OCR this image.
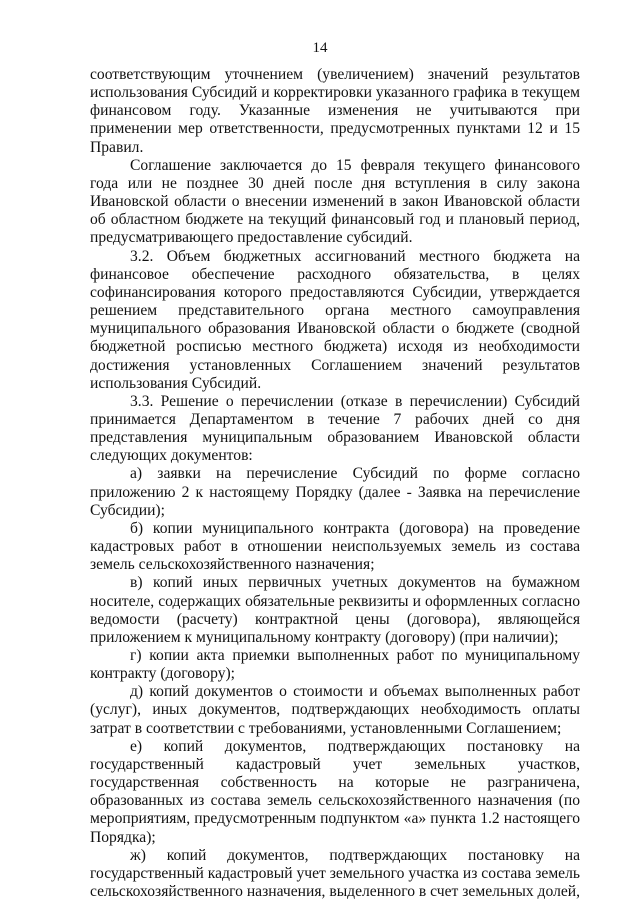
14

соответствующим уточнением (увеличением) значений результатов использования Субсидий и корректировки указанного графика в текущем финансовом году. Указанные изменения не учитываются при применении мер ответственности, предусмотренных пунктами 12 и 15 Правил.

Соглашение заключается до 15 февраля текущего финансового года или не позднее 30 дней после дня вступления в силу закона Ивановской области о внесении изменений в закон Ивановской области об областном бюджете на текущий финансовый год и плановый период, предусматривающего предоставление субсидий.

3.2. Объем бюджетных ассигнований местного бюджета на финансовое обеспечение расходного обязательства, в целях софинансирования которого предоставляются Субсидии, утверждается решением представительного органа местного самоуправления муниципального образования Ивановской области о бюджете (сводной бюджетной росписью местного бюджета) исходя из необходимости достижения установленных Соглашением значений результатов использования Субсидий.

3.3. Решение о перечислении (отказе в перечислении) Субсидий принимается Департаментом в течение 7 рабочих дней со дня представления муниципальным образованием Ивановской области следующих документов:

а) заявки на перечисление Субсидий по форме согласно приложению 2 к настоящему Порядку (далее - Заявка на перечисление Субсидии);

б) копии муниципального контракта (договора) на проведение кадастровых работ в отношении неиспользуемых земель из состава земель сельскохозяйственного назначения;

в) копий иных первичных учетных документов на бумажном носителе, содержащих обязательные реквизиты и оформленных согласно ведомости (расчету) контрактной цены (договора), являющейся приложением к муниципальному контракту (договору) (при наличии);

г) копии акта приемки выполненных работ по муниципальному контракту (договору);

д) копий документов о стоимости и объемах выполненных работ (услуг), иных документов, подтверждающих необходимость оплаты затрат в соответствии с требованиями, установленными Соглашением;

е) копий документов, подтверждающих постановку на государственный кадастровый учет земельных участков, государственная собственность на которые не разграничена, образованных из состава земель сельскохозяйственного назначения (по мероприятиям, предусмотренным подпунктом «а» пункта 1.2 настоящего Порядка);

ж) копий документов, подтверждающих постановку на государственный кадастровый учет земельного участка из состава земель сельскохозяйственного назначения, выделенного в счет земельных долей,
